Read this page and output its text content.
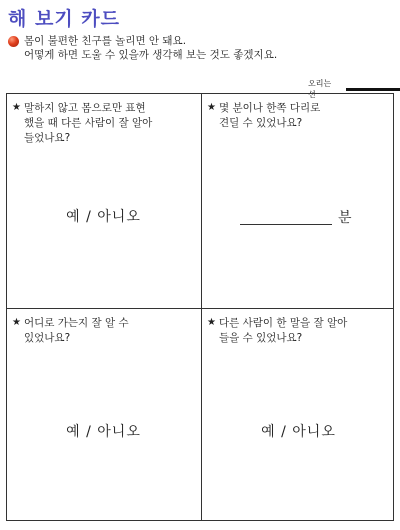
해 보기 카드
몸이 불편한 친구를 놀리면 안 돼요.
어떻게 하면 도울 수 있을까 생각해 보는 것도 좋겠지요.
오리는 선
★ 말하지 않고 몸으로만 표현
했을 때 다른 사람이 잘 알아
들었나요?
예 / 아니오
★ 몇 분이나 한쪽 다리로
견딜 수 있었나요?
분
★ 어디로 가는지 잘 알 수
있었나요?
예 / 아니오
★ 다른 사람이 한 말을 잘 알아
들을 수 있었나요?
예 / 아니오
